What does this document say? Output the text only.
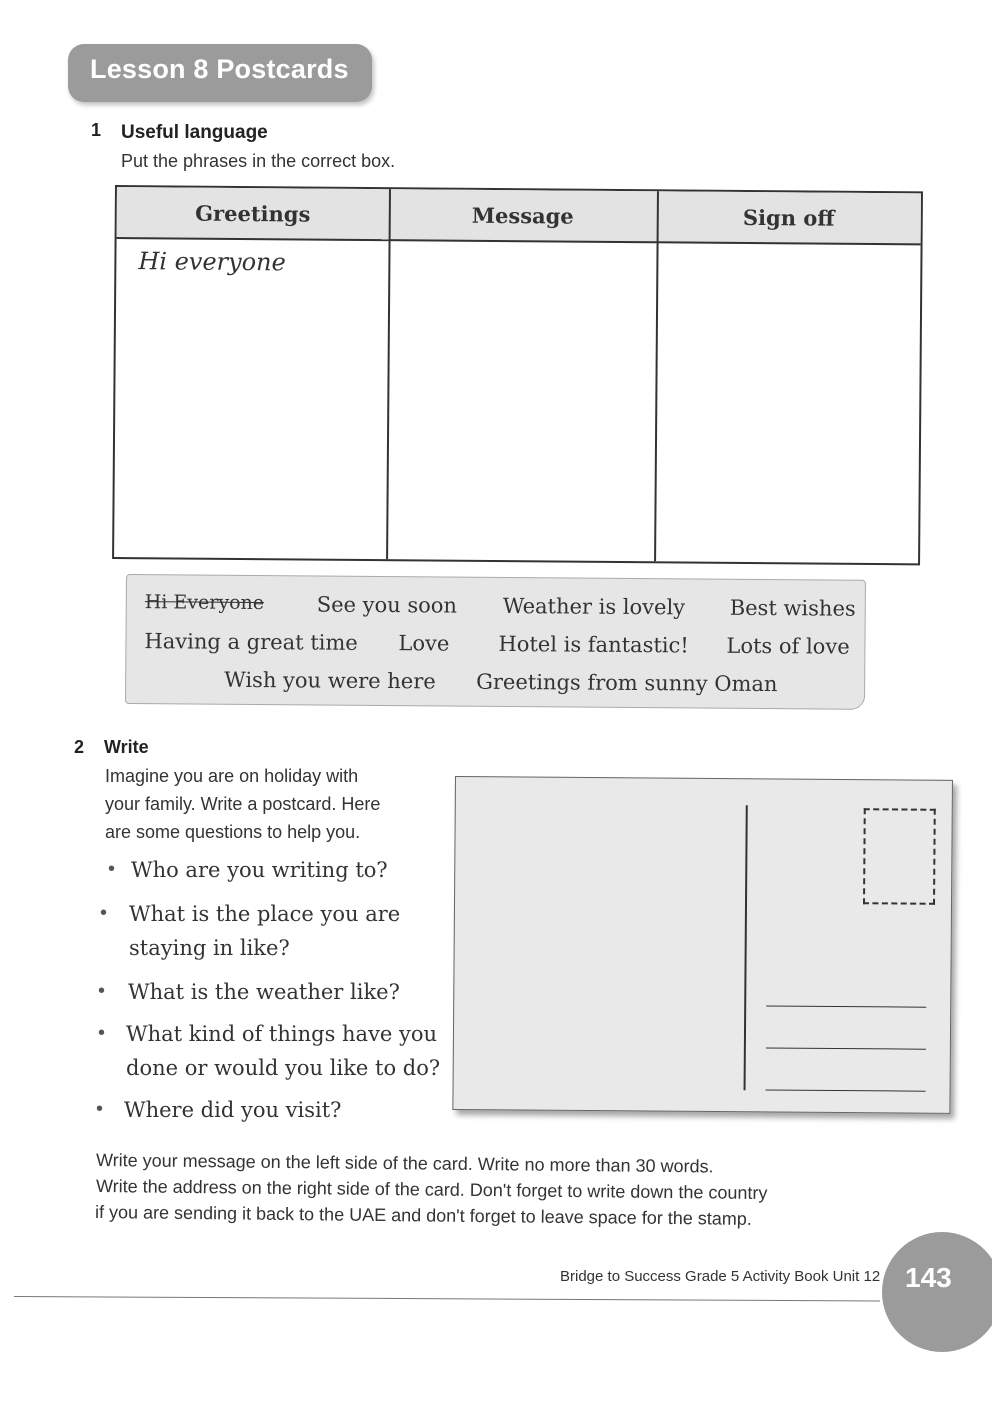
Lesson 8 Postcards
1 Useful language
Put the phrases in the correct box.
Greetings	Message	Sign off
Hi everyone
Hi Everyone	See you soon Weather is lovely Best wishes
Having a great time Love Hotel is fantastic! Lots of love
Wish you were here Greetings from sunny Oman
2 Write
Imagine you are on holiday with
your family. Write a postcard. Here
are some questions to help you.
• Who are you writing to?
• What is the place you are
staying in like?
• What is the weather like?
• What kind of things have you
done or would you like to do?
• Where did you visit?
Write your message on the left side of the card. Write no more than 30 words.
Write the address on the right side of the card. Don't forget to write down the country
if you are sending it back to the UAE and don't forget to leave space for the stamp.
Bridge to Success Grade 5 Activity Book Unit 12 143
